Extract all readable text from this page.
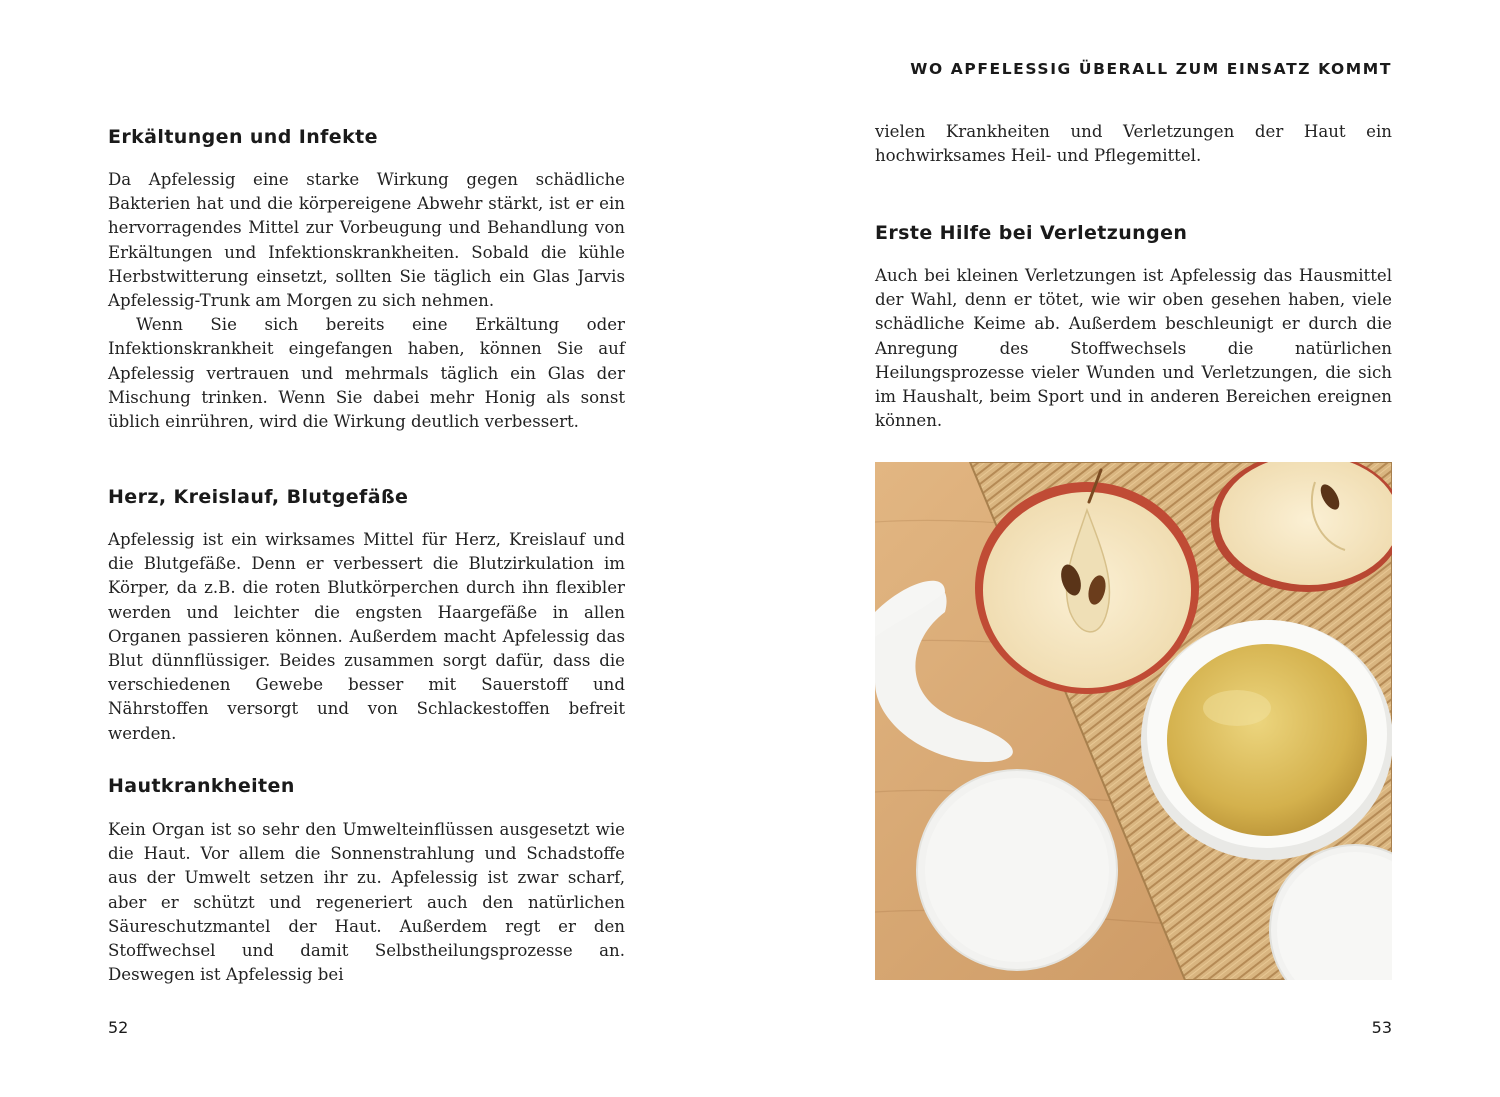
Erkältungen und Infekte

Da Apfelessig eine starke Wirkung gegen schädliche Bakterien hat und die körpereigene Abwehr stärkt, ist er ein hervorragendes Mittel zur Vorbeugung und Behandlung von Erkältungen und Infektionskrankheiten. Sobald die kühle Herbstwitterung einsetzt, sollten Sie täglich ein Glas Jarvis Apfelessig-Trunk am Morgen zu sich nehmen.

Wenn Sie sich bereits eine Erkältung oder Infektionskrankheit eingefangen haben, können Sie auf Apfelessig vertrauen und mehrmals täglich ein Glas der Mischung trinken. Wenn Sie dabei mehr Honig als sonst üblich einrühren, wird die Wirkung deutlich verbessert.

Herz, Kreislauf, Blutgefäße

Apfelessig ist ein wirksames Mittel für Herz, Kreislauf und die Blutgefäße. Denn er verbessert die Blutzirkulation im Körper, da z.B. die roten Blutkörperchen durch ihn flexibler werden und leichter die engsten Haargefäße in allen Organen passieren können. Außerdem macht Apfelessig das Blut dünnflüssiger. Beides zusammen sorgt dafür, dass die verschiedenen Gewebe besser mit Sauerstoff und Nährstoffen versorgt und von Schlackestoffen befreit werden.

Hautkrankheiten

Kein Organ ist so sehr den Umwelteinflüssen ausgesetzt wie die Haut. Vor allem die Sonnenstrahlung und Schadstoffe aus der Umwelt setzen ihr zu. Apfelessig ist zwar scharf, aber er schützt und regeneriert auch den natürlichen Säureschutzmantel der Haut. Außerdem regt er den Stoffwechsel und damit Selbstheilungsprozesse an. Deswegen ist Apfelessig bei

52
WO APFELESSIG ÜBERALL ZUM EINSATZ KOMMT

vielen Krankheiten und Verletzungen der Haut ein hochwirksames Heil- und Pflegemittel.

Erste Hilfe bei Verletzungen

Auch bei kleinen Verletzungen ist Apfelessig das Hausmittel der Wahl, denn er tötet, wie wir oben gesehen haben, viele schädliche Keime ab. Außerdem beschleunigt er durch die Anregung des Stoffwechsels die natürlichen Heilungsprozesse vieler Wunden und Verletzungen, die sich im Haushalt, beim Sport und in anderen Bereichen ereignen können.

53
